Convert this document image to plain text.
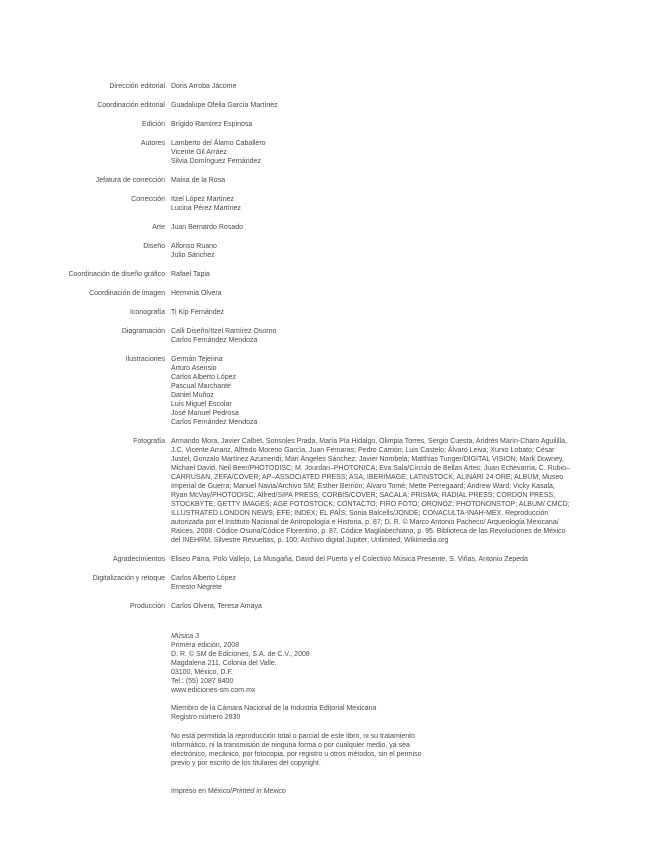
Dirección editorial Doris Arroba Jácome
Coordinación editorial Guadalupe Ofelia García Martínez
Edición Brígido Ramírez Espinosa
Autores Lamberto del Álamo Caballero
Vicente Gil Arráez
Silvia Domínguez Fernández
Jefatura de corrección Maixa de la Rosa
Corrección Itzel López Martínez
Lucina Pérez Martínez
Arte Juan Bernardo Rosado
Diseño Alfonso Ruano
Julio Sánchez
Coordinación de diseño gráfico Rafael Tapia
Coordinación de imagen Herminia Olvera
Iconografía Ti Kip Fernández
Diagramación Calli Diseño/Itzel Ramírez Osorno
Carlos Fernández Mendoza
Ilustraciones Germán Tejerina
Arturo Asensio
Carlos Alberto López
Pascual Marchante
Daniel Muñoz
Luis Miguel Escolar
José Manuel Pedrosa
Carlos Fernández Mendoza
Fotografía Armando Mora, Javier Calbet, Sonsoles Prada, María Pía Hidalgo, Olimpia Torres, Sergio Cuesta, Andrés Marín-Charo Aguililla, J.C. Vicente Arranz, Alfredo Moreno García, Juan Fernaras; Pedro Carrión; Luis Castelo; Álvaro Leiva; Xurxo Lobato; César Justel; Gonzalo Martínez Azumendi; Mari Ángeles Sánchez; Javier Nombela; Matthias Tunger/DIGITAL VISION; Mark Downey, Michael David, Neil Beer/PHOTODISC; M. Jourdan–PHOTONICA; Eva Sala/Círculo de Bellas Artes; Juan Echevarría, C. Rubio–CARRUSAN, ZEFA/COVER; AP–ASSOCIATED PRESS; ASA; IBERIMAGE; LATINSTOCK; ALINARI 24 ORE; ALBUM; Museo Imperial de Guerra; Manuel Navia/Archivo SM; Esther Berrión; Álvaro Tomé; Mette Perregaard; Andrew Ward, Vicky Kasala, Ryan McVay/PHOTODISC; Alfred/SIPA PRESS; CORBIS/COVER; SACALA; PRISMA; RADIAL PRESS; CORDON PRESS; STOCKBYTE; GETTY IMAGES; AGE FOTOSTOCK; CONTACTO; FIRO FOTO; ORONOZ; PHOTONONSTOP; ALBUM/ CMCD; ILLUSTRATED LONDON NEWS; EFE; INDEX; EL PAÍS; Sonia Balcells/JONDE; CONACULTA-INAH-MEX. Reproducción autorizada por el Instituto Nacional de Antropología e Historia, p. 87; D. R. © Marco Antonio Pacheco/ Arqueología Mexicana/ Raíces, 2008. Códice Osuna/Códice Florentino, p. 87. Códice Magliabechiano, p. 95. Biblioteca de las Revoluciones de México del INEHRM, Silvestre Revueltas, p. 100; Archivo digital Jupiter; Unlimited; Wikimedia.org

Agradecimientos Eliseo Parra, Polo Vallejo, La Musgaña, David del Puerto y el Colectivo Música Presente, S. Viñas, Antonio Zepeda
Digitalización y retoque Carlos Alberto López
Ernesto Negrete
Producción Carlos Olvera, Teresa Amaya
Música 3
Primera edición, 2008
D. R. © SM de Ediciones, S.A. de C.V., 2008
Magdalena 211, Colonia del Valle,
03100, México, D.F.
Tel.: (55) 1087 8400
www.ediciones-sm.com.mx
Miembro de la Cámara Nacional de la Industria Editorial Mexicana
Registro número 2830
No está permitida la reproducción total o parcial de este libro, ni su tratamiento
informático, ni la transmisión de ninguna forma o por cualquier medio, ya sea
electrónico, mecánico, por fotocopia, por registro u otros métodos, sin el permiso
previo y por escrito de los titulares del copyright.
Impreso en México/Printed in Mexico
